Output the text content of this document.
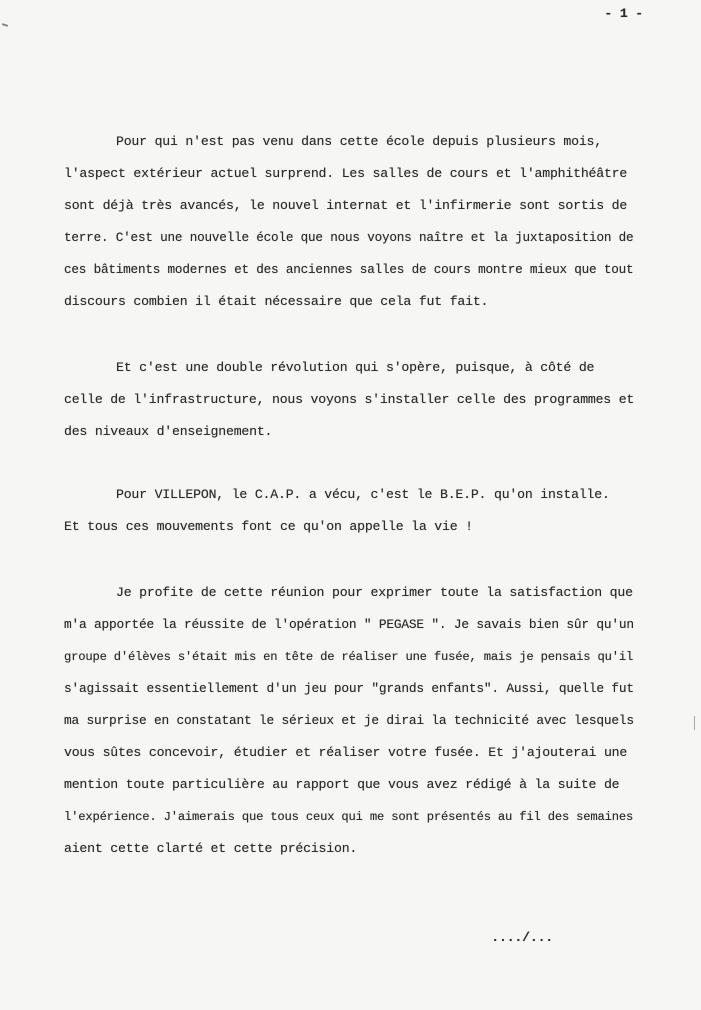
- 1 -
Pour qui n'est pas venu dans cette école depuis plusieurs mois,
l'aspect extérieur actuel surprend. Les salles de cours et l'amphithéâtre
sont déjà très avancés, le nouvel internat et l'infirmerie sont sortis de
terre. C'est une nouvelle école que nous voyons naître et la juxtaposition de
ces bâtiments modernes et des anciennes salles de cours montre mieux que tout
discours combien il était nécessaire que cela fut fait.
Et c'est une double révolution qui s'opère, puisque, à côté de
celle de l'infrastructure, nous voyons s'installer celle des programmes et
des niveaux d'enseignement.
Pour VILLEPON, le C.A.P. a vécu, c'est le B.E.P. qu'on installe.
Et tous ces mouvements font ce qu'on appelle la vie !
Je profite de cette réunion pour exprimer toute la satisfaction que
m'a apportée la réussite de l'opération " PEGASE ". Je savais bien sûr qu'un
groupe d'élèves s'était mis en tête de réaliser une fusée, mais je pensais qu'il
s'agissait essentiellement d'un jeu pour "grands enfants". Aussi, quelle fut
ma surprise en constatant le sérieux et je dirai la technicité avec lesquels
vous sûtes concevoir, étudier et réaliser votre fusée. Et j'ajouterai une
mention toute particulière au rapport que vous avez rédigé à la suite de
l'expérience. J'aimerais que tous ceux qui me sont présentés au fil des semaines
aient cette clarté et cette précision.
..../...
